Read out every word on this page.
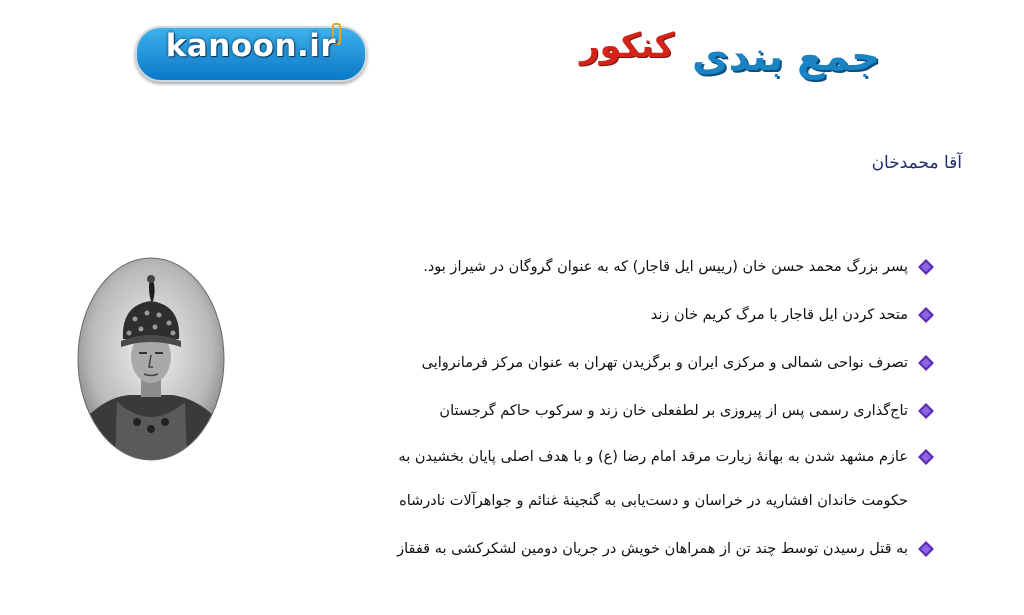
kanoon.ir	جمع بندی
کنکور
آقا محمدخان
پسر بزرگ محمد حسن خان (رییس ایل قاجار) که به عنوان گروگان در شیراز بود.
متحد کردن ایل قاجار با مرگ کریم خان زند
تصرف نواحی شمالی و مرکزی ایران و برگزیدن تهران به عنوان مرکز فرمانروایی
تاج‌گذاری رسمی پس از پیروزی بر لطفعلی خان زند و سرکوب حاکم گرجستان
عازم مشهد شدن به بهانۀ زیارت مرقد امام رضا (ع) و با هدف اصلی پایان بخشیدن به
حکومت خاندان افشاریه در خراسان و دست‌یابی به گنجینۀ غنائم و جواهرآلات نادرشاه
به قتل رسیدن توسط چند تن از همراهان خویش در جریان دومین لشکرکشی به قفقاز
